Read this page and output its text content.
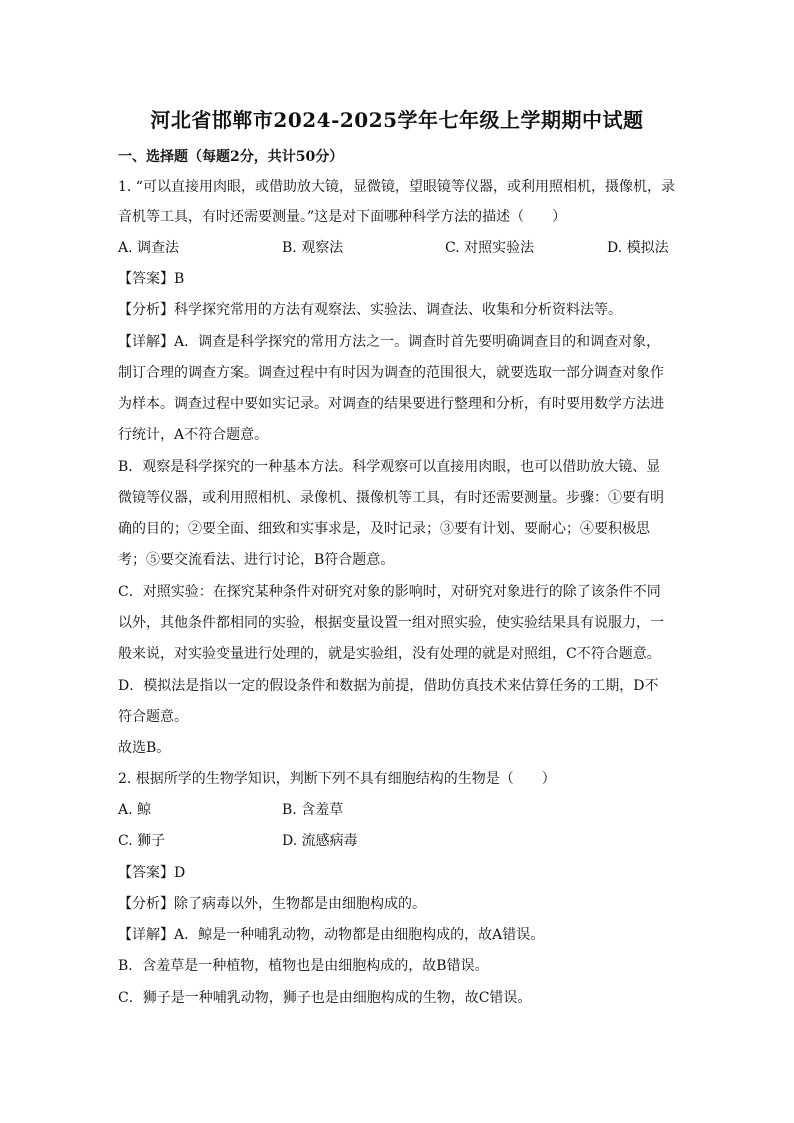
河北省邯郸市2024-2025学年七年级上学期期中试题
一、选择题（每题2分，共计50分）
1. “可以直接用肉眼，或借助放大镜，显微镜，望眼镜等仪器，或利用照相机，摄像机，录
音机等工具，有时还需要测量。”这是对下面哪种科学方法的描述（　　）
A. 调查法	B. 观察法	C. 对照实验法	D. 模拟法
【答案】B
【分析】科学探究常用的方法有观察法、实验法、调查法、收集和分析资料法等。
【详解】A．调查是科学探究的常用方法之一。调查时首先要明确调查目的和调查对象，
制订合理的调查方案。调查过程中有时因为调查的范围很大，就要选取一部分调查对象作
为样本。调查过程中要如实记录。对调查的结果要进行整理和分析，有时要用数学方法进
行统计，A不符合题意。
B．观察是科学探究的一种基本方法。科学观察可以直接用肉眼，也可以借助放大镜、显
微镜等仪器，或利用照相机、录像机、摄像机等工具，有时还需要测量。步骤：①要有明
确的目的；②要全面、细致和实事求是，及时记录；③要有计划、要耐心；④要积极思
考；⑤要交流看法、进行讨论，B符合题意。
C．对照实验：在探究某种条件对研究对象的影响时，对研究对象进行的除了该条件不同
以外，其他条件都相同的实验，根据变量设置一组对照实验，使实验结果具有说服力，一
般来说，对实验变量进行处理的，就是实验组，没有处理的就是对照组，C不符合题意。
D．模拟法是指以一定的假设条件和数据为前提，借助仿真技术来估算任务的工期，D不
符合题意。
故选B。
2. 根据所学的生物学知识，判断下列不具有细胞结构的生物是（　　）
A. 鲸	B. 含羞草
C. 狮子	D. 流感病毒
【答案】D
【分析】除了病毒以外，生物都是由细胞构成的。
【详解】A．鲸是一种哺乳动物，动物都是由细胞构成的，故A错误。
B．含羞草是一种植物，植物也是由细胞构成的，故B错误。
C．狮子是一种哺乳动物，狮子也是由细胞构成的生物，故C错误。
